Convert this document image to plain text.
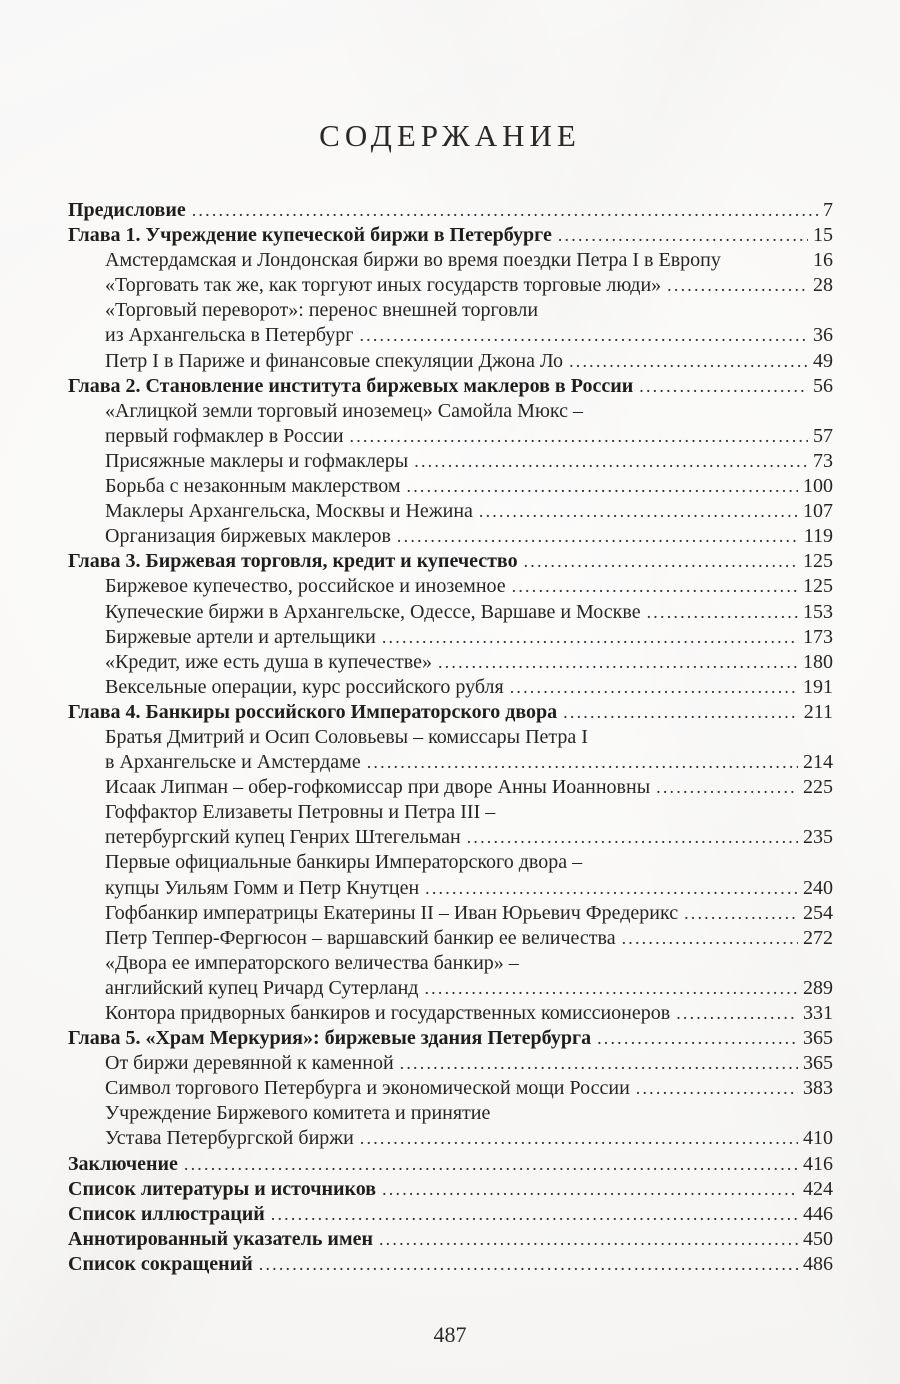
СОДЕРЖАНИЕ
Предисловие .....	7
Глава 1. Учреждение купеческой биржи в Петербурге .....	15
Амстердамская и Лондонская биржи во время поездки Петра I в Европу	16
«Торговать так же, как торгуют иных государств торговые люди» .....	28
«Торговый переворот»: перенос внешней торговли
из Архангельска в Петербург .....	36
Петр I в Париже и финансовые спекуляции Джона Ло .....	49
Глава 2. Становление института биржевых маклеров в России .....	56
«Аглицкой земли торговый иноземец» Самойла Мюкс –
первый гофмаклер в России .....	57
Присяжные маклеры и гофмаклеры .....	73
Борьба с незаконным маклерством .....	100
Маклеры Архангельска, Москвы и Нежина .....	107
Организация биржевых маклеров .....	119
Глава 3. Биржевая торговля, кредит и купечество .....	125
Биржевое купечество, российское и иноземное .....	125
Купеческие биржи в Архангельске, Одессе, Варшаве и Москве .....	153
Биржевые артели и артельщики .....	173
«Кредит, иже есть душа в купечестве» .....	180
Вексельные операции, курс российского рубля .....	191
Глава 4. Банкиры российского Императорского двора .....	211
Братья Дмитрий и Осип Соловьевы – комиссары Петра I
в Архангельске и Амстердаме .....	214
Исаак Липман – обер-гофкомиссар при дворе Анны Иоанновны .....	225
Гоффактор Елизаветы Петровны и Петра III –
петербургский купец Генрих Штегельман .....	235
Первые официальные банкиры Императорского двора –
купцы Уильям Гомм и Петр Кнутцен .....	240
Гофбанкир императрицы Екатерины II – Иван Юрьевич Фредерикс .....	254
Петр Теппер-Фергюсон – варшавский банкир ее величества .....	272
«Двора ее императорского величества банкир» –
английский купец Ричард Сутерланд .....	289
Контора придворных банкиров и государственных комиссионеров .....	331
Глава 5. «Храм Меркурия»: биржевые здания Петербурга .....	365
От биржи деревянной к каменной .....	365
Символ торгового Петербурга и экономической мощи России .....	383
Учреждение Биржевого комитета и принятие
Устава Петербургской биржи .....	410
Заключение .....	416
Список литературы и источников .....	424
Список иллюстраций .....	446
Аннотированный указатель имен .....	450
Список сокращений .....	486
487
